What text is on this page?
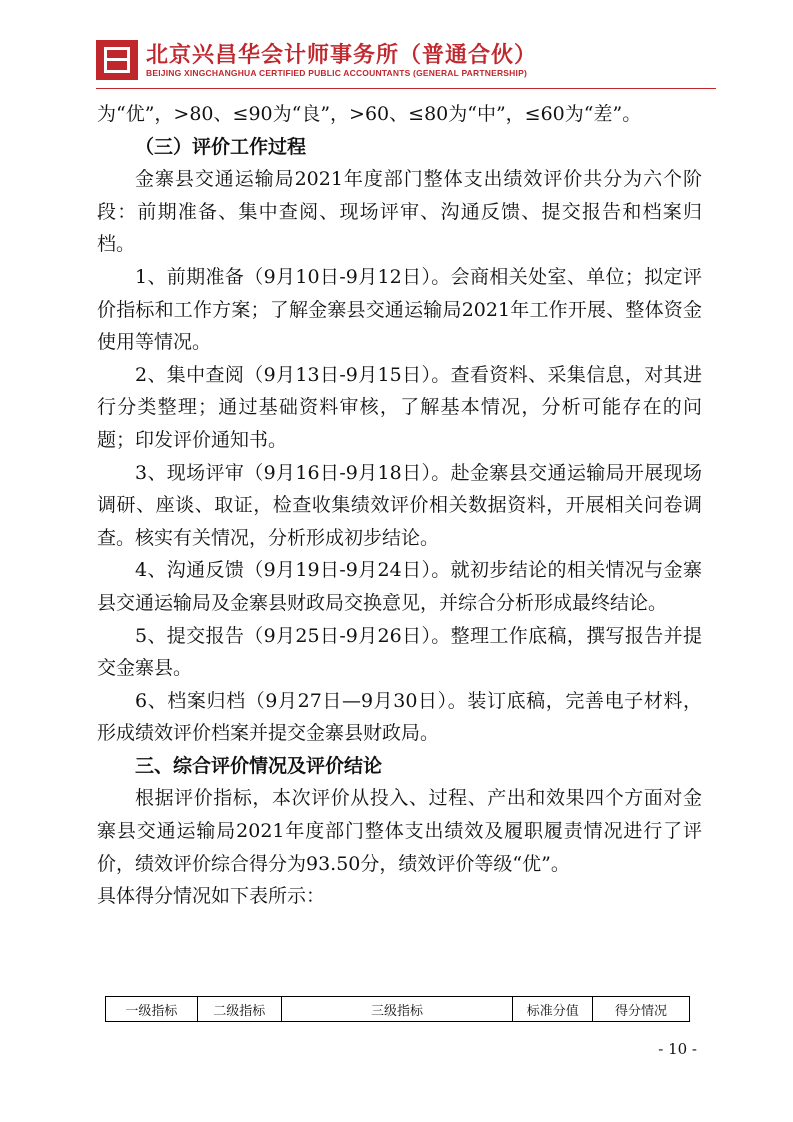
北京兴昌华会计师事务所（普通合伙）
BEIJING XINGCHANGHUA CERTIFIED PUBLIC ACCOUNTANTS (GENERAL PARTNERSHIP)

为“优”，>80、≤90为“良”，>60、≤80为“中”，≤60为“差”。

（三）评价工作过程

金寨县交通运输局2021年度部门整体支出绩效评价共分为六个阶段：前期准备、集中查阅、现场评审、沟通反馈、提交报告和档案归档。

1、前期准备（9月10日-9月12日）。会商相关处室、单位；拟定评价指标和工作方案；了解金寨县交通运输局2021年工作开展、整体资金使用等情况。

2、集中查阅（9月13日-9月15日）。查看资料、采集信息，对其进行分类整理；通过基础资料审核，了解基本情况，分析可能存在的问题；印发评价通知书。

3、现场评审（9月16日-9月18日）。赴金寨县交通运输局开展现场调研、座谈、取证，检查收集绩效评价相关数据资料，开展相关问卷调查。核实有关情况，分析形成初步结论。

4、沟通反馈（9月19日-9月24日）。就初步结论的相关情况与金寨县交通运输局及金寨县财政局交换意见，并综合分析形成最终结论。

5、提交报告（9月25日-9月26日）。整理工作底稿，撰写报告并提交金寨县。

6、档案归档（9月27日—9月30日）。装订底稿，完善电子材料，形成绩效评价档案并提交金寨县财政局。

三、综合评价情况及评价结论

根据评价指标，本次评价从投入、过程、产出和效果四个方面对金寨县交通运输局2021年度部门整体支出绩效及履职履责情况进行了评价，绩效评价综合得分为93.50分，绩效评价等级“优”。

具体得分情况如下表所示：

一级指标	二级指标	三级指标	标准分值	得分情况
- 10 -
